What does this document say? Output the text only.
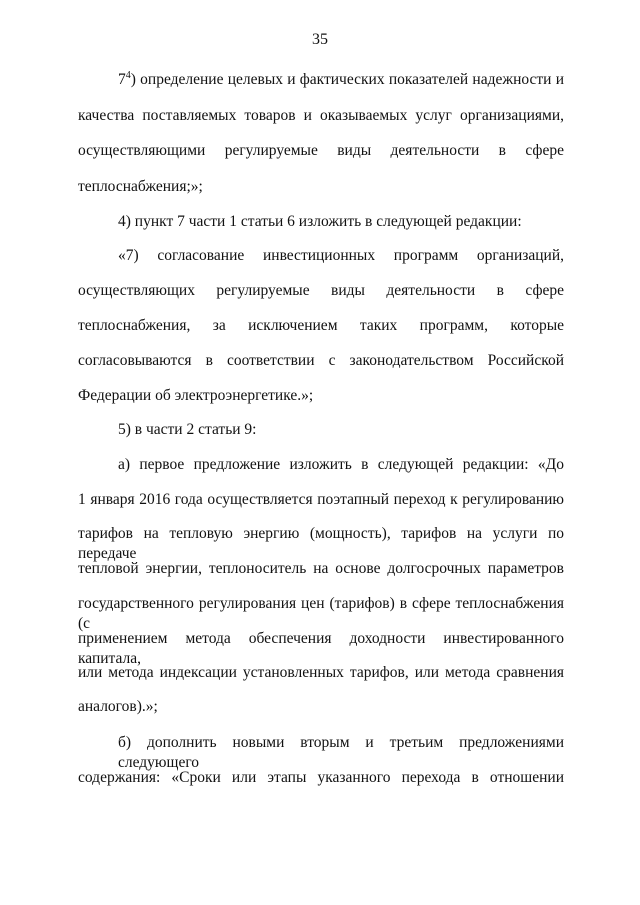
35
$7^4$) определение целевых и фактических показателей надежности и
качества поставляемых товаров и оказываемых услуг организациями,
осуществляющими регулируемые виды деятельности в сфере
теплоснабжения;»;
4) пункт 7 части 1 статьи 6 изложить в следующей редакции:
«7) согласование инвестиционных программ организаций,
осуществляющих регулируемые виды деятельности в сфере
теплоснабжения, за исключением таких программ, которые
согласовываются в соответствии с законодательством Российской
Федерации об электроэнергетике.»;
5) в части 2 статьи 9:
а) первое предложение изложить в следующей редакции: «До
1 января 2016 года осуществляется поэтапный переход к регулированию
тарифов на тепловую энергию (мощность), тарифов на услуги по передаче
тепловой энергии, теплоноситель на основе долгосрочных параметров
государственного регулирования цен (тарифов) в сфере теплоснабжения (с
применением метода обеспечения доходности инвестированного капитала,
или метода индексации установленных тарифов, или метода сравнения
аналогов).»;
б) дополнить новыми вторым и третьим предложениями следующего
содержания: «Сроки или этапы указанного перехода в отношении
